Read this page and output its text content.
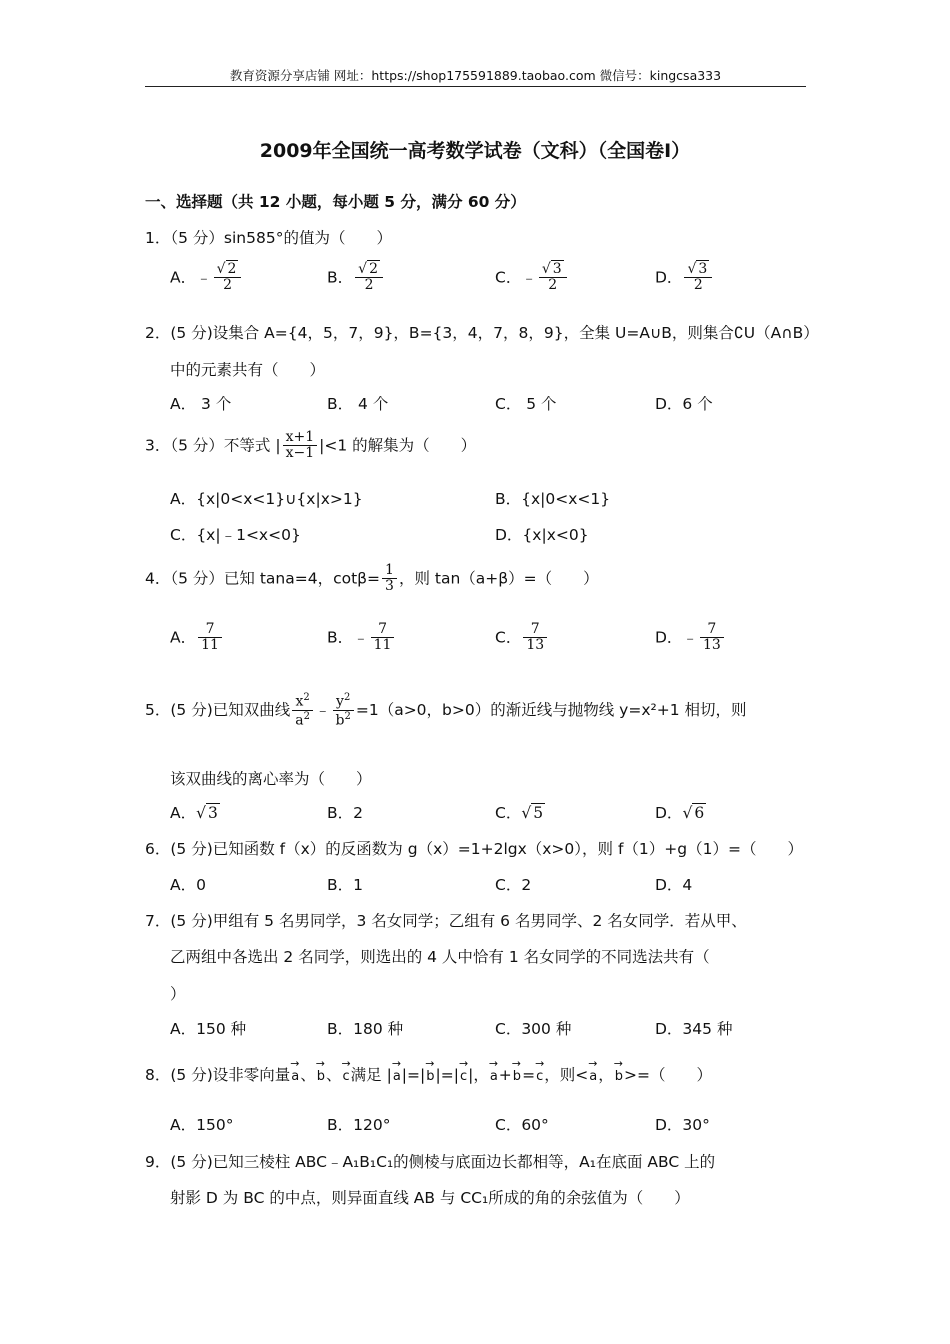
教育资源分享店铺 网址：https://shop175591889.taobao.com 微信号：kingcsa333
2009年全国统一高考数学试卷（文科）（全国卷Ⅰ）
一、选择题（共 12 小题，每小题 5 分，满分 60 分）
1．（5 分）sin585°的值为（　　）
A．﹣ $\frac{√ 2}{2}$	B． $\frac{√ 2}{2}$	C．﹣ $\frac{√ 3}{2}$	D． $\frac{√ 3}{2}$
2．(5 分)设集合 A={4，5，7，9}，B={3，4，7，8，9}，全集 U=A∪B，则集合∁U（A∩B）
中的元素共有（　　）
A． 3 个	B． 4 个	C． 5 个	D．6 个
3．（5 分）不等式 | $\frac{x+1}{x-1} |<1$ 的解集为（　　）
A．{x|0<x<1}∪{x|x>1}	B．{x|0<x<1}
C．{x|﹣1<x<0}	D．{x|x<0}
4．（5 分）已知 tana=4，$\cot\beta= \frac{1}{3}$ ，则 tan（a+β）=（　　）
A． $\frac{7}{11}$	B．﹣ $\frac{7}{11}$	C． $\frac{7}{13}$	D．﹣ $\frac{7}{13}$
5．(5 分)已知双曲线 $\frac{x^2}{a^2}$ ﹣ $\frac{y^2}{b^2} =1(a>0$，b>0）的渐近线与抛物线 y=x²+1 相切，则
该双曲线的离心率为（　　）
A．√ 3	B．2	C．√ 5	D．√ 6
6．(5 分)已知函数 f（x）的反函数为 g（x）=1+2lgx（x>0），则 f（1）+g（1）=（　　）
A．0	B．1	C．2	D．4
7．(5 分)甲组有 5 名男同学，3 名女同学；乙组有 6 名男同学、2 名女同学．若从甲、
乙两组中各选出 2 名同学，则选出的 4 人中恰有 1 名女同学的不同选法共有（
）
A．150 种	B．180 种	C．300 种	D．345 种
8．(5 分)设非零向量→ a、→ b、→ c满足 |→ a|=|→ b|=|→ c|，→ a+→ b=→ c，则<→ a，→ b>=（　　）
A．150°	B．120°	C．60°	D．30°
9．(5 分)已知三棱柱 ABC﹣A₁B₁C₁的侧棱与底面边长都相等，A₁在底面 ABC 上的
射影 D 为 BC 的中点，则异面直线 AB 与 CC₁所成的角的余弦值为（　　）
